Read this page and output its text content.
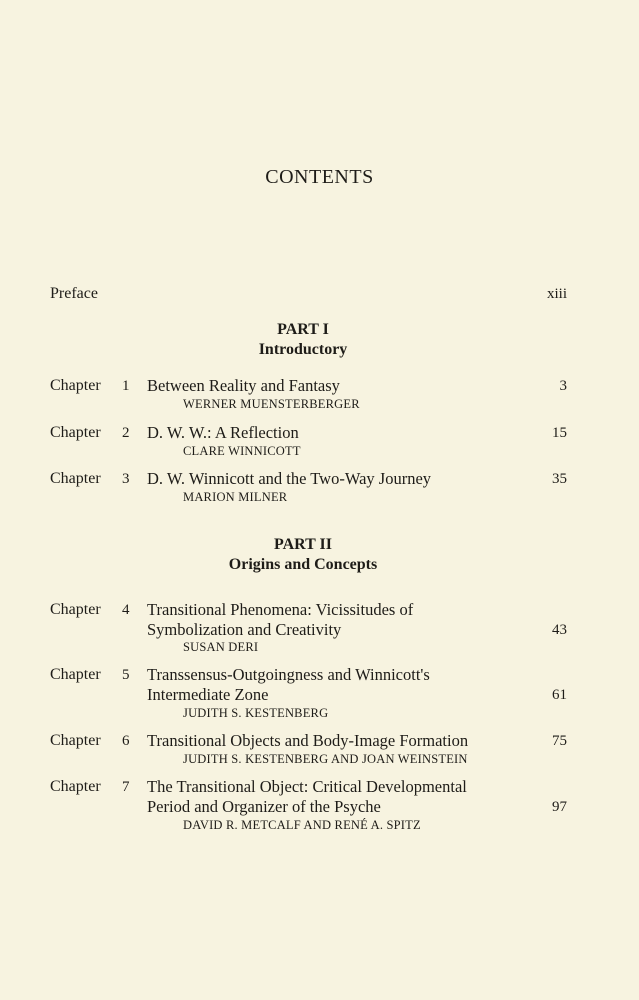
CONTENTS
Preface	xiii
PART I
Introductory
Chapter 1 Between Reality and Fantasy
WERNER MUENSTERBERGER
3
Chapter 2 D. W. W.: A Reflection
CLARE WINNICOTT
15
Chapter 3 D. W. Winnicott and the Two-Way Journey
MARION MILNER
35
PART II
Origins and Concepts
Chapter 4 Transitional Phenomena: Vicissitudes of
Symbolization and Creativity
SUSAN DERI
43
Chapter 5 Transsensus-Outgoingness and Winnicott's
Intermediate Zone
JUDITH S. KESTENBERG
61
Chapter 6 Transitional Objects and Body-Image Formation
JUDITH S. KESTENBERG AND JOAN WEINSTEIN
75
Chapter 7 The Transitional Object: Critical Developmental
Period and Organizer of the Psyche
DAVID R. METCALF AND RENÉ A. SPITZ
97
